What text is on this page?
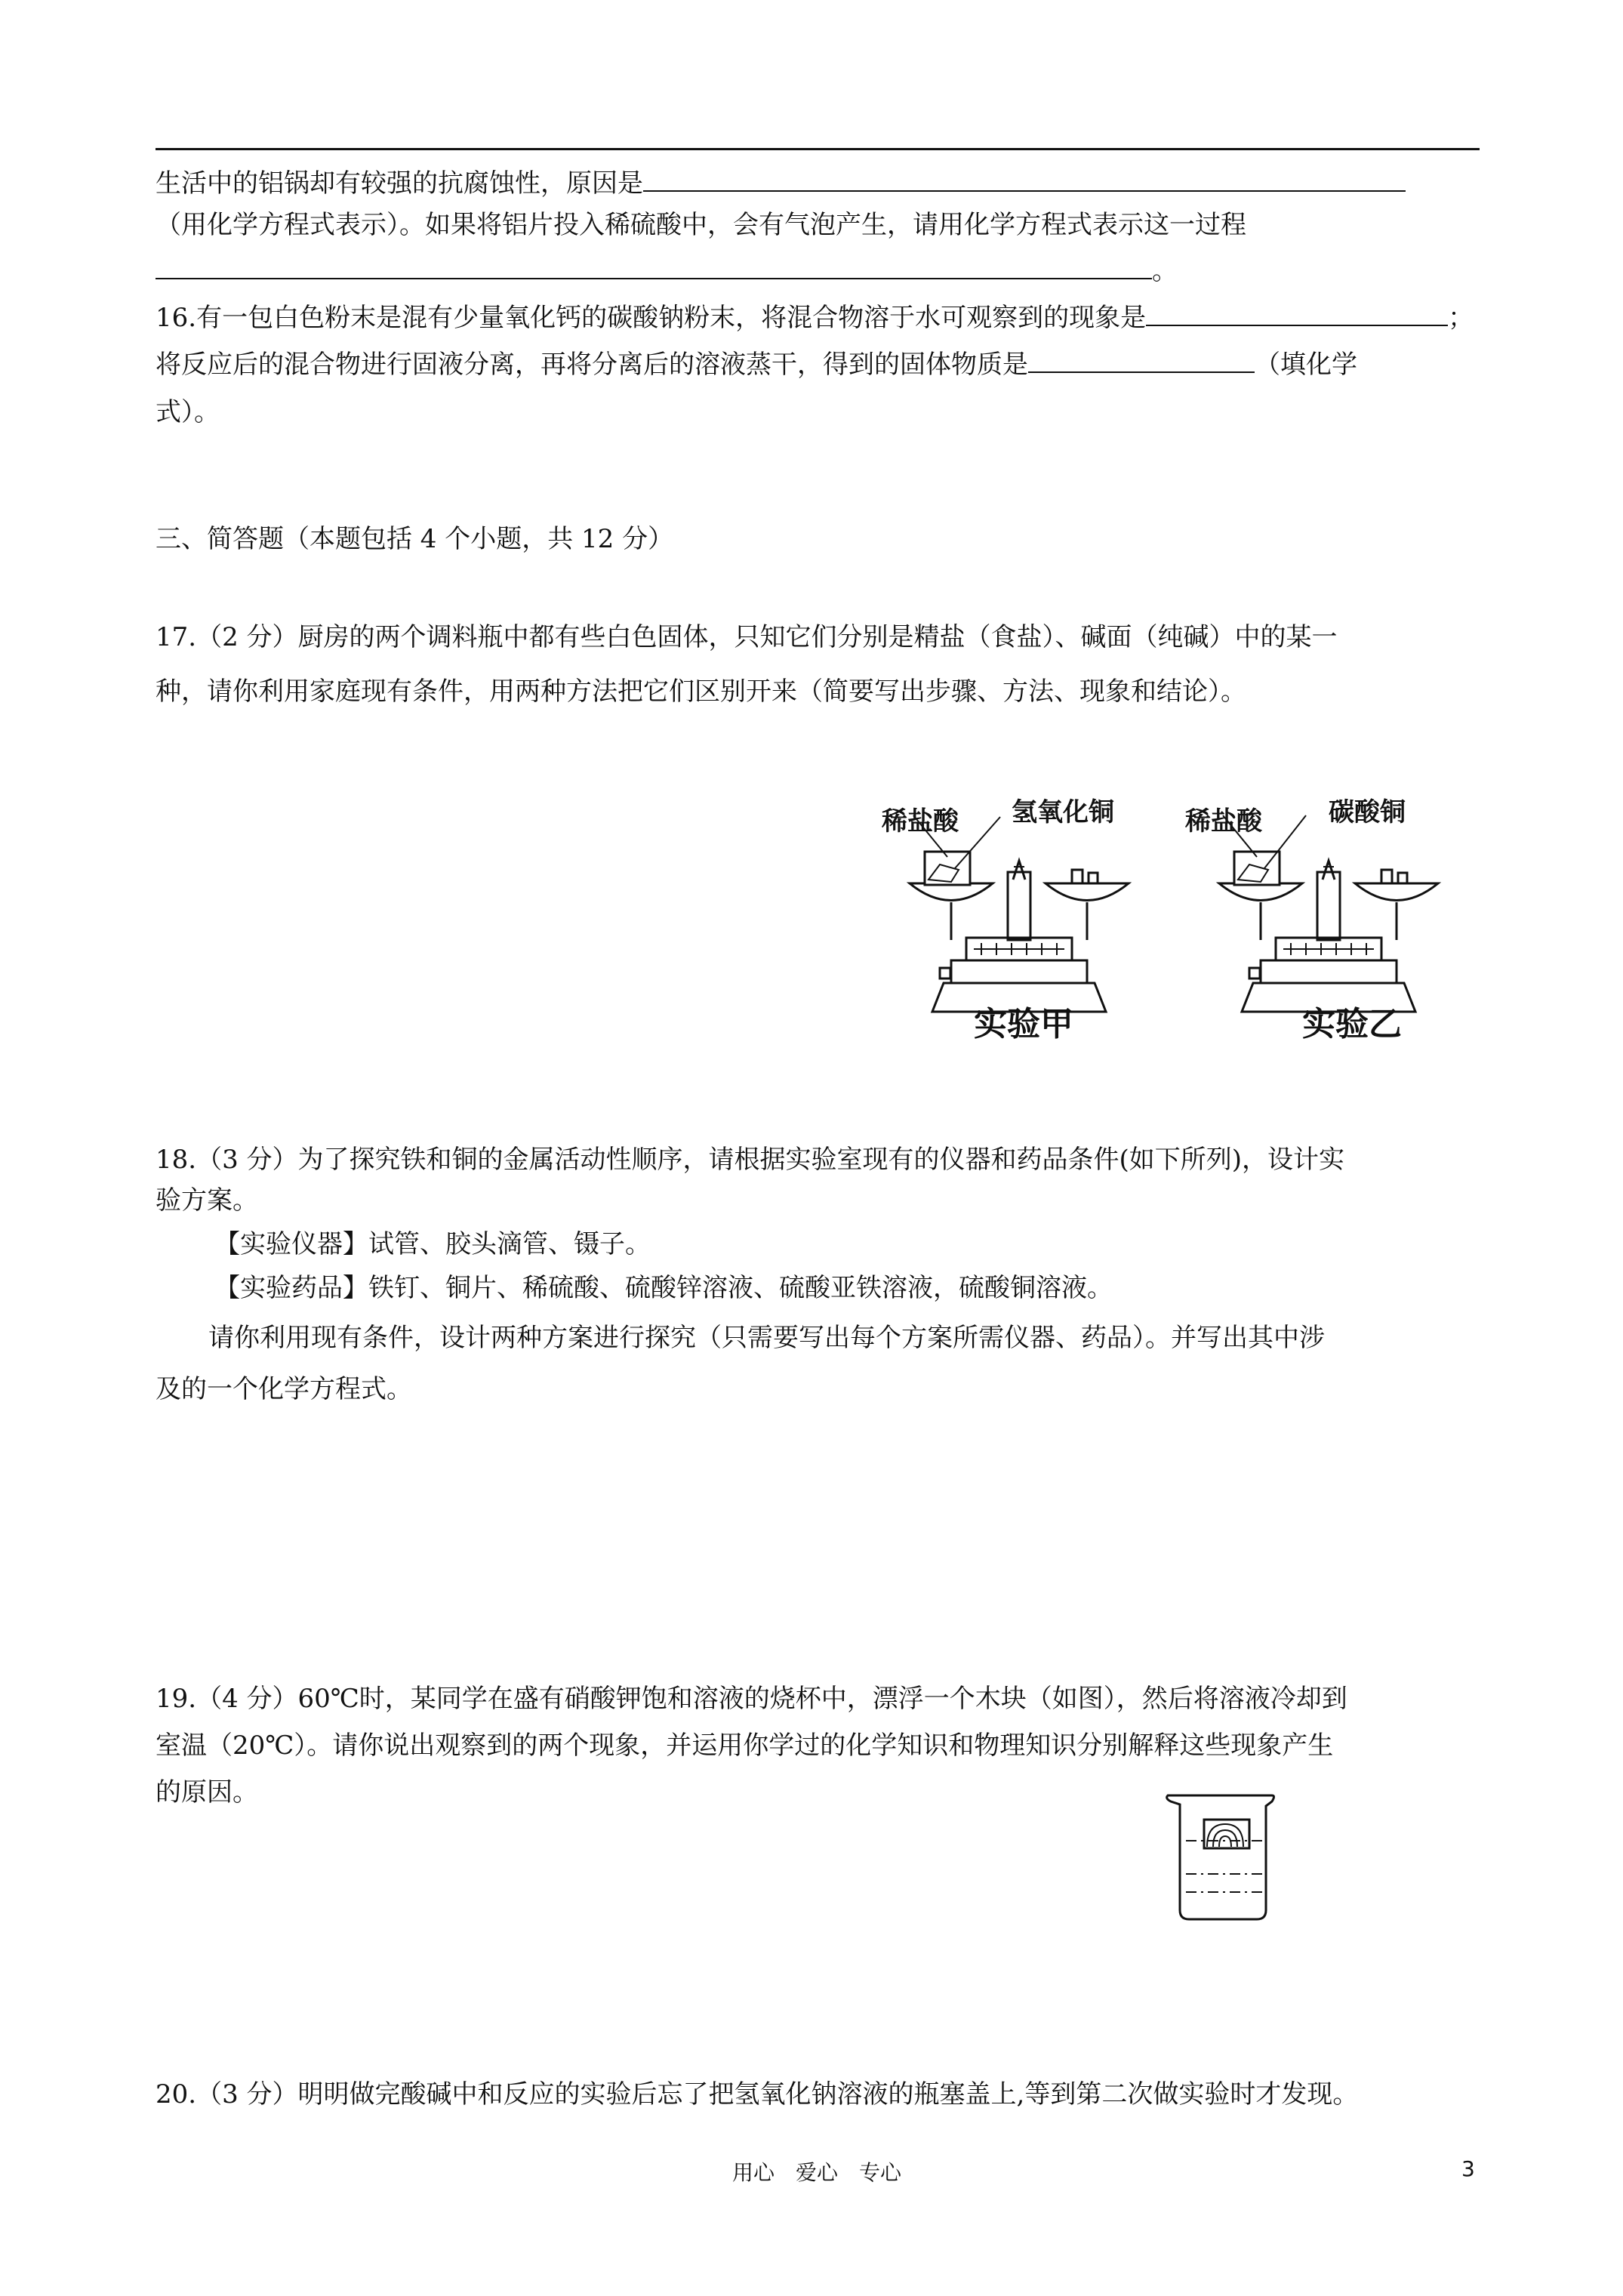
生活中的铝锅却有较强的抗腐蚀性，原因是
（用化学方程式表示）。如果将铝片投入稀硫酸中，会有气泡产生，请用化学方程式表示这一过程
。
16.有一包白色粉末是混有少量氧化钙的碳酸钠粉末，将混合物溶于水可观察到的现象是	；
将反应后的混合物进行固液分离，再将分离后的溶液蒸干，得到的固体物质是	（填化学
式）。
三、简答题（本题包括 4 个小题，共 12 分）
17.（2 分）厨房的两个调料瓶中都有些白色固体，只知它们分别是精盐（食盐）、碱面（纯碱）中的某一
种，请你利用家庭现有条件，用两种方法把它们区别开来（简要写出步骤、方法、现象和结论）。
稀盐酸 氢氧化铜
实验甲
稀盐酸	碳酸铜
实验乙
18.（3 分）为了探究铁和铜的金属活动性顺序，请根据实验室现有的仪器和药品条件(如下所列)，设计实
验方案。
【实验仪器】试管、胶头滴管、镊子。
【实验药品】铁钉、铜片、稀硫酸、硫酸锌溶液、硫酸亚铁溶液，硫酸铜溶液。
请你利用现有条件，设计两种方案进行探究（只需要写出每个方案所需仪器、药品）。并写出其中涉
及的一个化学方程式。
19.（4 分）60℃时，某同学在盛有硝酸钾饱和溶液的烧杯中，漂浮一个木块（如图），然后将溶液冷却到
室温（20℃）。请你说出观察到的两个现象，并运用你学过的化学知识和物理知识分别解释这些现象产生
的原因。
20.（3 分）明明做完酸碱中和反应的实验后忘了把氢氧化钠溶液的瓶塞盖上,等到第二次做实验时才发现。
用心　爱心　专心	3
